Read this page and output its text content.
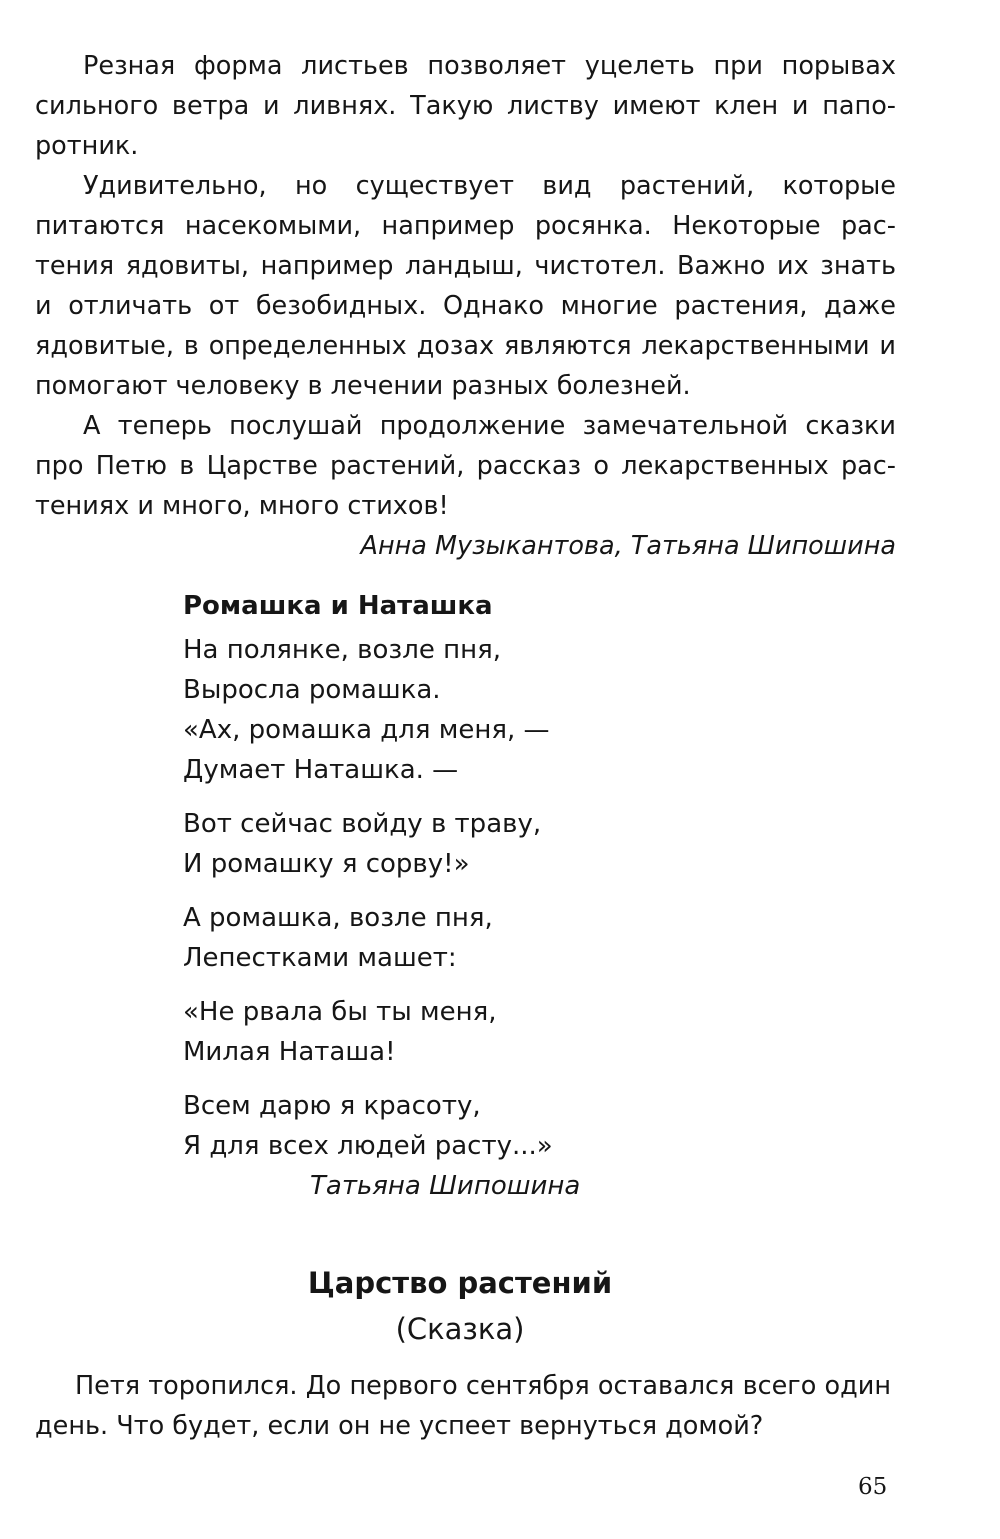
Резная форма листьев позволяет уцелеть при порывах сильного ветра и ливнях. Такую листву имеют клен и папоротник.

Удивительно, но существует вид растений, которые питаются насекомыми, например росянка. Некоторые растения ядовиты, например ландыш, чистотел. Важно их знать и отличать от безобидных. Однако многие растения, даже ядовитые, в определенных дозах являются лекарственными и помогают человеку в лечении разных болезней.

А теперь послушай продолжение замечательной сказки про Петю в Царстве растений, рассказ о лекарственных растениях и много, много стихов!

Анна Музыкантова, Татьяна Шипошина

Ромашка и Наташка

На полянке, возле пня,
Выросла ромашка.
«Ах, ромашка для меня, —
Думает Наташка. —
Вот сейчас войду в траву,
И ромашку я сорву!»
А ромашка, возле пня,
Лепестками машет:
«Не рвала бы ты меня,
Милая Наташа!
Всем дарю я красоту,
Я для всех людей расту...»
Татьяна Шипошина
Царство растений
(Сказка)

Петя торопился. До первого сентября оставался всего один день. Что будет, если он не успеет вернуться домой?

65
